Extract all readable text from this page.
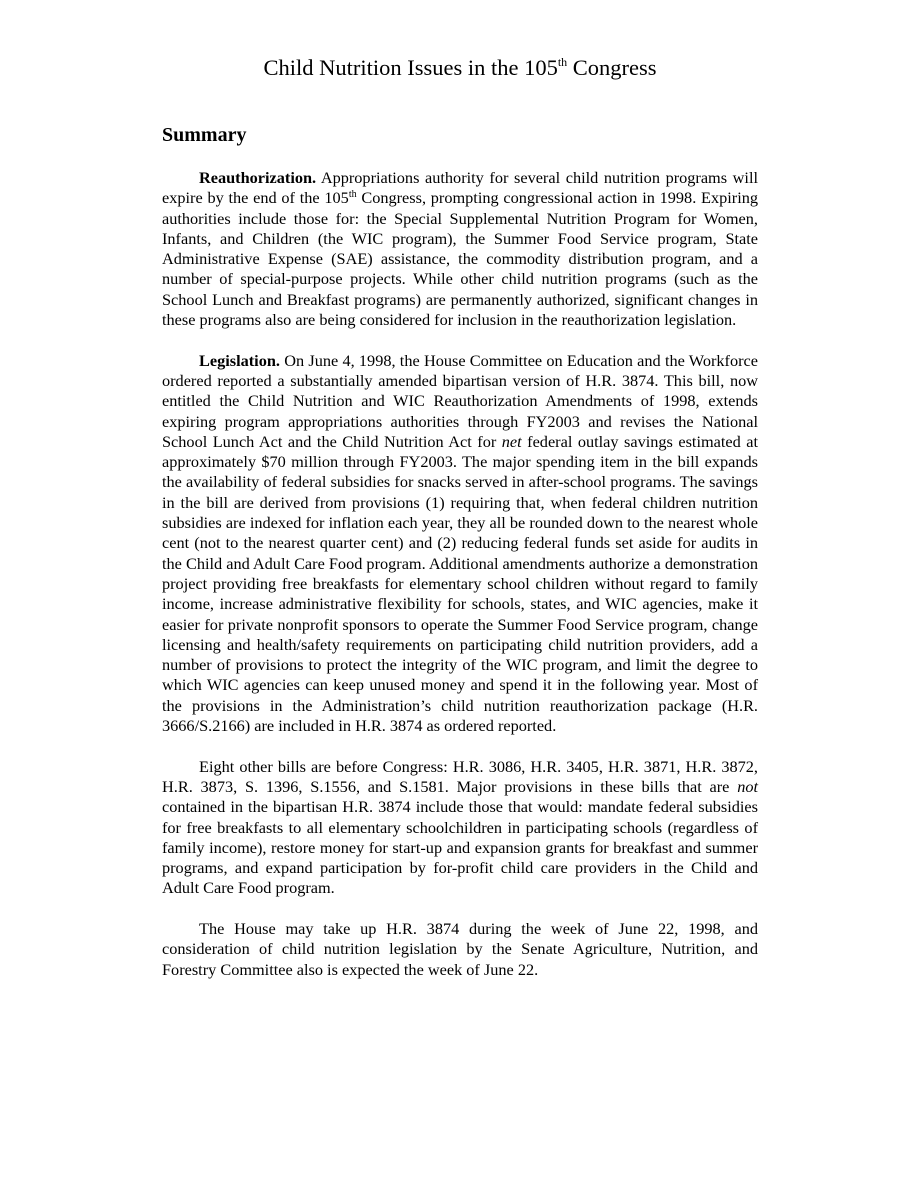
Child Nutrition Issues in the 105th Congress
Summary

Reauthorization. Appropriations authority for several child nutrition programs will expire by the end of the 105th Congress, prompting congressional action in 1998. Expiring authorities include those for: the Special Supplemental Nutrition Program for Women, Infants, and Children (the WIC program), the Summer Food Service program, State Administrative Expense (SAE) assistance, the commodity distribution program, and a number of special-purpose projects. While other child nutrition programs (such as the School Lunch and Breakfast programs) are permanently authorized, significant changes in these programs also are being considered for inclusion in the reauthorization legislation.

Legislation. On June 4, 1998, the House Committee on Education and the Workforce ordered reported a substantially amended bipartisan version of H.R. 3874. This bill, now entitled the Child Nutrition and WIC Reauthorization Amendments of 1998, extends expiring program appropriations authorities through FY2003 and revises the National School Lunch Act and the Child Nutrition Act for net federal outlay savings estimated at approximately $70 million through FY2003. The major spending item in the bill expands the availability of federal subsidies for snacks served in after-school programs. The savings in the bill are derived from provisions (1) requiring that, when federal children nutrition subsidies are indexed for inflation each year, they all be rounded down to the nearest whole cent (not to the nearest quarter cent) and (2) reducing federal funds set aside for audits in the Child and Adult Care Food program. Additional amendments authorize a demonstration project providing free breakfasts for elementary school children without regard to family income, increase administrative flexibility for schools, states, and WIC agencies, make it easier for private nonprofit sponsors to operate the Summer Food Service program, change licensing and health/safety requirements on participating child nutrition providers, add a number of provisions to protect the integrity of the WIC program, and limit the degree to which WIC agencies can keep unused money and spend it in the following year. Most of the provisions in the Administration’s child nutrition reauthorization package (H.R. 3666/S.2166) are included in H.R. 3874 as ordered reported.

Eight other bills are before Congress: H.R. 3086, H.R. 3405, H.R. 3871, H.R. 3872, H.R. 3873, S. 1396, S.1556, and S.1581. Major provisions in these bills that are not contained in the bipartisan H.R. 3874 include those that would: mandate federal subsidies for free breakfasts to all elementary schoolchildren in participating schools (regardless of family income), restore money for start-up and expansion grants for breakfast and summer programs, and expand participation by for-profit child care providers in the Child and Adult Care Food program.

The House may take up H.R. 3874 during the week of June 22, 1998, and consideration of child nutrition legislation by the Senate Agriculture, Nutrition, and Forestry Committee also is expected the week of June 22.
